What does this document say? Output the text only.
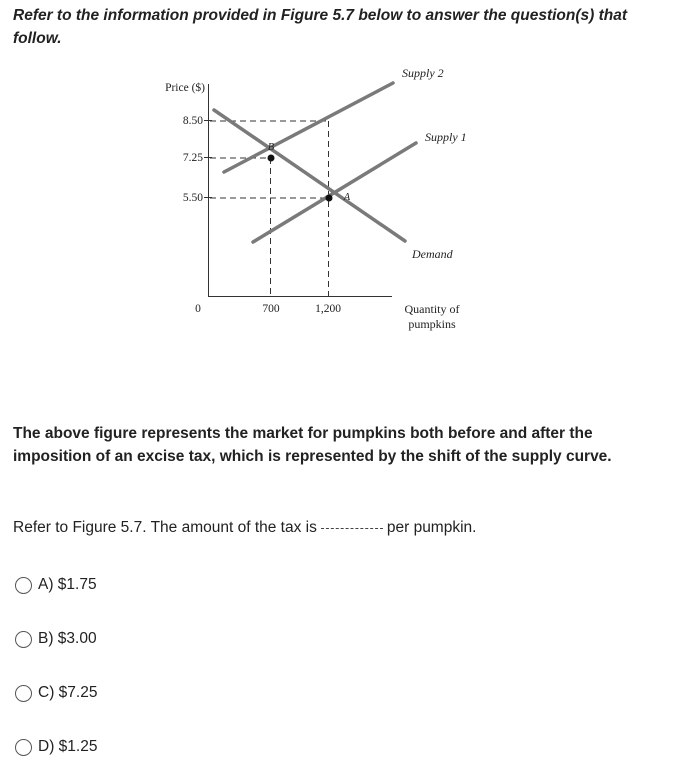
Refer to the information provided in Figure 5.7 below to answer the question(s) that follow.

Price ($)
8.50
7.25
5.50
0	700	1,200
B
A
Supply 2
Supply 1
Demand
Quantity of
pumpkins

The above figure represents the market for pumpkins both before and after the imposition of an excise tax, which is represented by the shift of the supply curve.

Refer to Figure 5.7. The amount of the tax is	per pumpkin.

A) $1.75
B) $3.00
C) $7.25
D) $1.25
